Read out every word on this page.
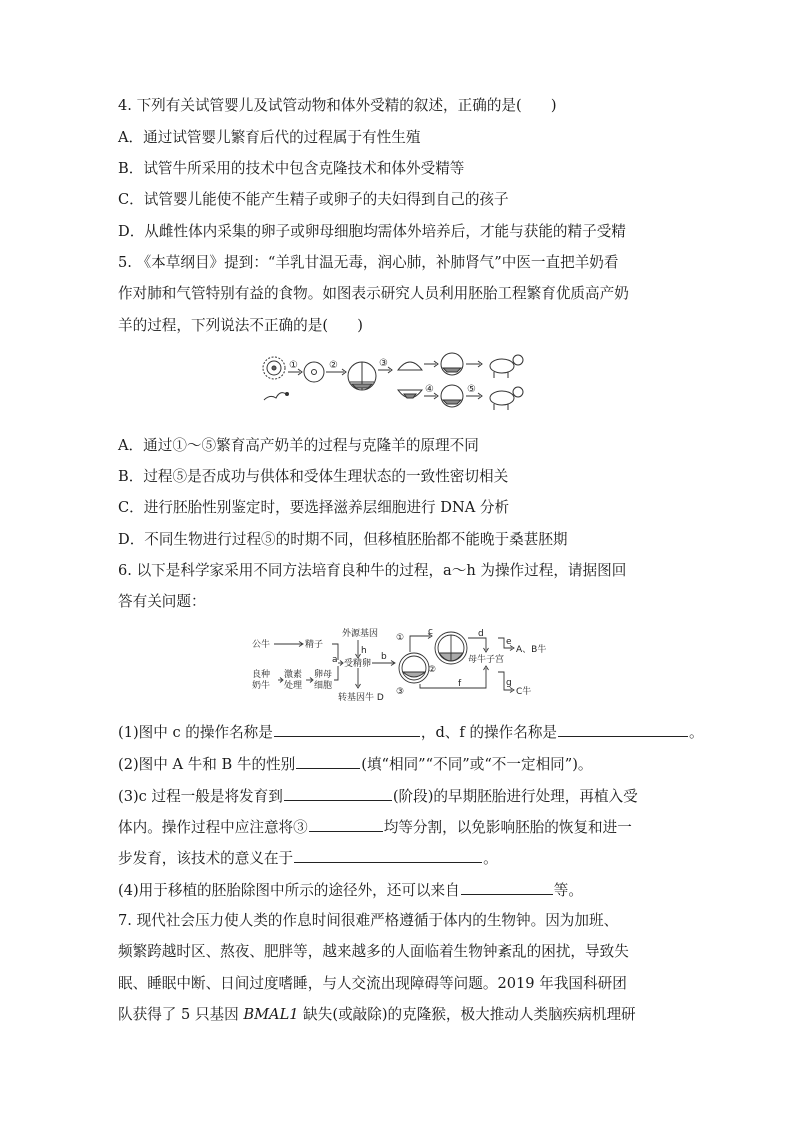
4. 下列有关试管婴儿及试管动物和体外受精的叙述，正确的是(　　)
A．通过试管婴儿繁育后代的过程属于有性生殖
B．试管牛所采用的技术中包含克隆技术和体外受精等
C．试管婴儿能使不能产生精子或卵子的夫妇得到自己的孩子
D．从雌性体内采集的卵子或卵母细胞均需体外培养后，才能与获能的精子受精
5. 《本草纲目》提到：“羊乳甘温无毒，润心肺，补肺肾气”中医一直把羊奶看
作对肺和气管特别有益的食物。如图表示研究人员利用胚胎工程繁育优质高产奶
羊的过程，下列说法不正确的是(　　)
①	②	③
④	⑤
A．通过①～⑤繁育高产奶羊的过程与克隆羊的原理不同
B．过程⑤是否成功与供体和受体生理状态的一致性密切相关
C．进行胚胎性别鉴定时，要选择滋养层细胞进行 DNA 分析
D．不同生物进行过程⑤的时期不同，但移植胚胎都不能晚于桑葚胚期
6. 以下是科学家采用不同方法培育良种牛的过程，a～h 为操作过程，请据图回
答有关问题：
公牛	精子
外源基因
h
a 受精卵
b
良种
奶牛
激素
处理
卵母
细胞
转基因牛 D
①
②
③
c	d
e
f	g
母牛子宫
A、B牛
C牛
(1)图中 c 的操作名称是	，d、f 的操作名称是	。
(2)图中 A 牛和 B 牛的性别	(填“相同”“不同”或“不一定相同”)。
(3)c 过程一般是将发育到	(阶段)的早期胚胎进行处理，再植入受
体内。操作过程中应注意将③	均等分割，以免影响胚胎的恢复和进一
步发育，该技术的意义在于	。
(4)用于移植的胚胎除图中所示的途径外，还可以来自	等。
7. 现代社会压力使人类的作息时间很难严格遵循于体内的生物钟。因为加班、
频繁跨越时区、熬夜、肥胖等，越来越多的人面临着生物钟紊乱的困扰，导致失
眠、睡眠中断、日间过度嗜睡，与人交流出现障碍等问题。2019 年我国科研团
队获得了 5 只基因 BMAL1 缺失(或敲除)的克隆猴，极大推动人类脑疾病机理研
